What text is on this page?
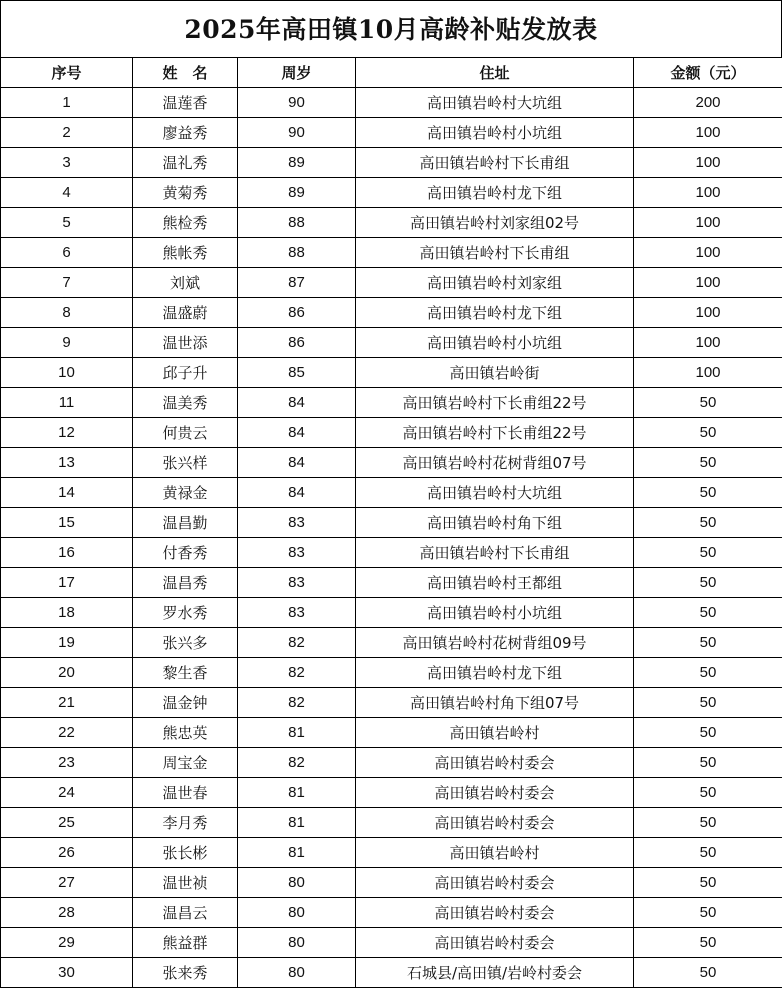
2025年高田镇10月高龄补贴发放表
序号	姓　名	周岁	住址	金额（元）
1	温莲香	90	高田镇岩岭村大坑组	200
2	廖益秀	90	高田镇岩岭村小坑组	100
3	温礼秀	89	高田镇岩岭村下长甫组	100
4	黄菊秀	89	高田镇岩岭村龙下组	100
5	熊检秀	88	高田镇岩岭村刘家组02号	100
6	熊帐秀	88	高田镇岩岭村下长甫组	100
7	刘斌	87	高田镇岩岭村刘家组	100
8	温盛蔚	86	高田镇岩岭村龙下组	100
9	温世添	86	高田镇岩岭村小坑组	100
10	邱子升	85	高田镇岩岭街	100
11	温美秀	84	高田镇岩岭村下长甫组22号	50
12	何贵云	84	高田镇岩岭村下长甫组22号	50
13	张兴样	84	高田镇岩岭村花树背组07号	50
14	黄禄金	84	高田镇岩岭村大坑组	50
15	温昌勤	83	高田镇岩岭村角下组	50
16	付香秀	83	高田镇岩岭村下长甫组	50
17	温昌秀	83	高田镇岩岭村王都组	50
18	罗水秀	83	高田镇岩岭村小坑组	50
19	张兴多	82	高田镇岩岭村花树背组09号	50
20	黎生香	82	高田镇岩岭村龙下组	50
21	温金钟	82	高田镇岩岭村角下组07号	50
22	熊忠英	81	高田镇岩岭村	50
23	周宝金	82	高田镇岩岭村委会	50
24	温世春	81	高田镇岩岭村委会	50
25	李月秀	81	高田镇岩岭村委会	50
26	张长彬	81	高田镇岩岭村	50
27	温世祯	80	高田镇岩岭村委会	50
28	温昌云	80	高田镇岩岭村委会	50
29	熊益群	80	高田镇岩岭村委会	50
30	张来秀	80	石城县/高田镇/岩岭村委会	50
